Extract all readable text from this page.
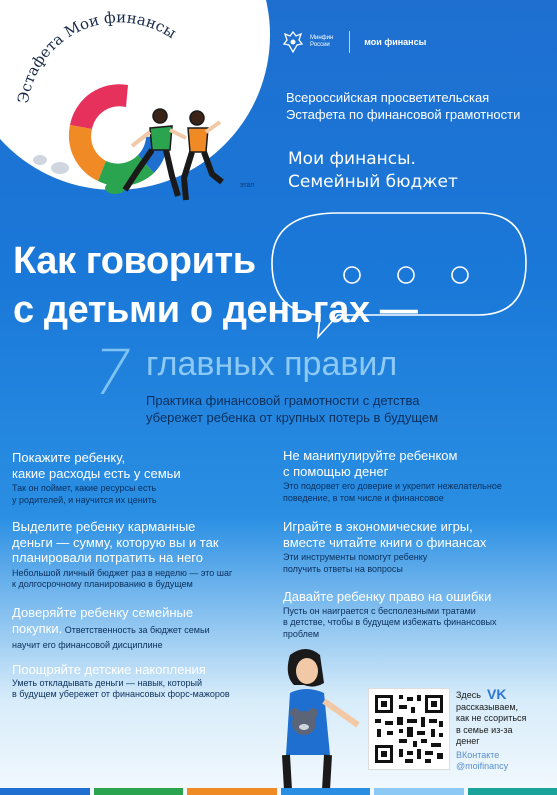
Эстафета Мои финансы	Минфин
России	мои финансы
Всероссийская просветительская
Эстафета по финансовой грамотности
Мои финансы.
Семейный бюджет
этап
Как говорить
с детьми о деньгах —
7 главных правил
Практика финансовой грамотности с детства
убережет ребенка от крупных потерь в будущем
Покажите ребенку,
какие расходы есть у семьи
Так он поймет, какие ресурсы есть
у родителей, и научится их ценить
Выделите ребенку карманные
деньги — сумму, которую вы и так
планировали потратить на него
Небольшой личный бюджет раз в неделю — это шаг
к долгосрочному планированию в будущем
Доверяйте ребенку семейные
покупки. Ответственность за бюджет семьи
научит его финансовой дисциплине
Поощряйте детские накопления
Уметь откладывать деньги — навык, который
в будущем убережет от финансовых форс-мажоров
Не манипулируйте ребенком
с помощью денег
Это подорвет его доверие и укрепит нежелательное
поведение, в том числе и финансовое
Играйте в экономические игры,
вместе читайте книги о финансах
Эти инструменты помогут ребенку
получить ответы на вопросы
Давайте ребенку право на ошибки
Пусть он наиграется с бесполезными тратами
в детстве, чтобы в будущем избежать финансовых
проблем
VK
Здесь
рассказываем,
как не ссориться
в семье из-за
денег
ВКонтакте
@moifinancy
